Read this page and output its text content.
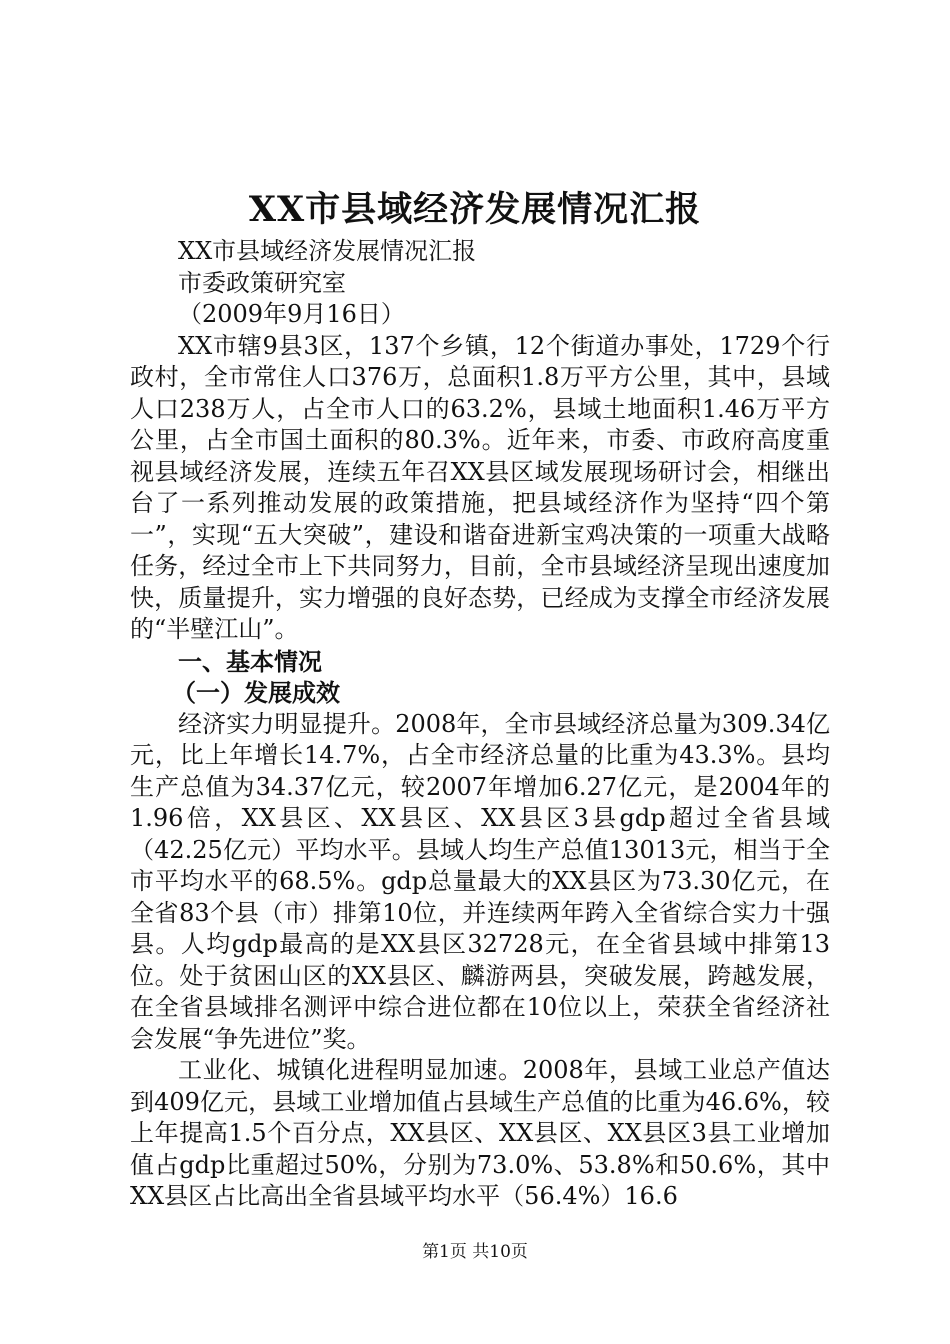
XX市县域经济发展情况汇报

XX市县域经济发展情况汇报

市委政策研究室

（2009年9月16日）

XX市辖9县3区，137个乡镇，12个街道办事处，1729个行政村，全市常住人口376万，总面积1.8万平方公里，其中，县域人口238万人，占全市人口的63.2%，县域土地面积1.46万平方公里，占全市国土面积的80.3%。近年来，市委、市政府高度重视县域经济发展，连续五年召XX县区域发展现场研讨会，相继出台了一系列推动发展的政策措施，把县域经济作为坚持“四个第一”，实现“五大突破”，建设和谐奋进新宝鸡决策的一项重大战略任务，经过全市上下共同努力，目前，全市县域经济呈现出速度加快，质量提升，实力增强的良好态势，已经成为支撑全市经济发展的“半壁江山”。

一、基本情况

（一）发展成效

经济实力明显提升。2008年，全市县域经济总量为309.34亿元，比上年增长14.7%，占全市经济总量的比重为43.3%。县均生产总值为34.37亿元，较2007年增加6.27亿元，是2004年的1.96倍，XX县区、XX县区、XX县区3县gdp超过全省县域（42.25亿元）平均水平。县域人均生产总值13013元，相当于全市平均水平的68.5%。gdp总量最大的XX县区为73.30亿元，在全省83个县（市）排第10位，并连续两年跨入全省综合实力十强县。人均gdp最高的是XX县区32728元，在全省县域中排第13位。处于贫困山区的XX县区、麟游两县，突破发展，跨越发展，在全省县域排名测评中综合进位都在10位以上，荣获全省经济社会发展“争先进位”奖。

工业化、城镇化进程明显加速。2008年，县域工业总产值达到409亿元，县域工业增加值占县域生产总值的比重为46.6%，较上年提高1.5个百分点，XX县区、XX县区、XX县区3县工业增加值占gdp比重超过50%，分别为73.0%、53.8%和50.6%，其中XX县区占比高出全省县域平均水平（56.4%）16.6

第1页 共10页
